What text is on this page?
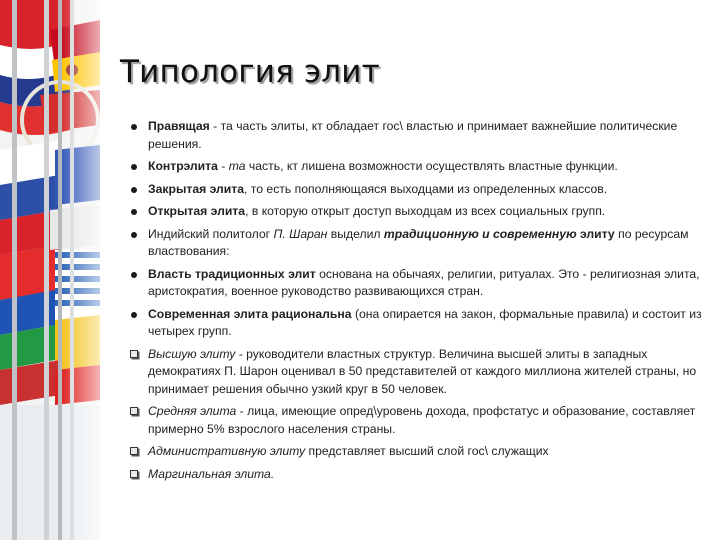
Типология элит
Правящая - та часть элиты, кт обладает гос\ властью и принимает важнейшие политические решения.
Контрэлита - та часть, кт лишена возможности осуществлять властные функции.
Закрытая элита, то есть пополняющаяся выходцами из определенных классов.
Открытая элита, в которую открыт доступ выходцам из всех социальных групп.
Индийский политолог П. Шаран выделил традиционную и современную элиту по ресурсам властвования:
Власть традиционных элит основана на обычаях, религии, ритуалах. Это - религиозная элита, аристократия, военное руководство развивающихся стран.
Современная элита рациональна (она опирается на закон, формальные правила) и состоит из четырех групп.
Высшую элиту - руководители властных структур. Величина высшей элиты в западных демократиях П. Шарон оценивал в 50 представителей от каждого миллиона жителей страны, но принимает решения обычно узкий круг в 50 человек.
Средняя элита - лица, имеющие опред\уровень дохода, профстатус и образование, составляет примерно 5% взрослого населения страны.
Административную элиту представляет высший слой гос\ служащих
Маргинальная элита.
